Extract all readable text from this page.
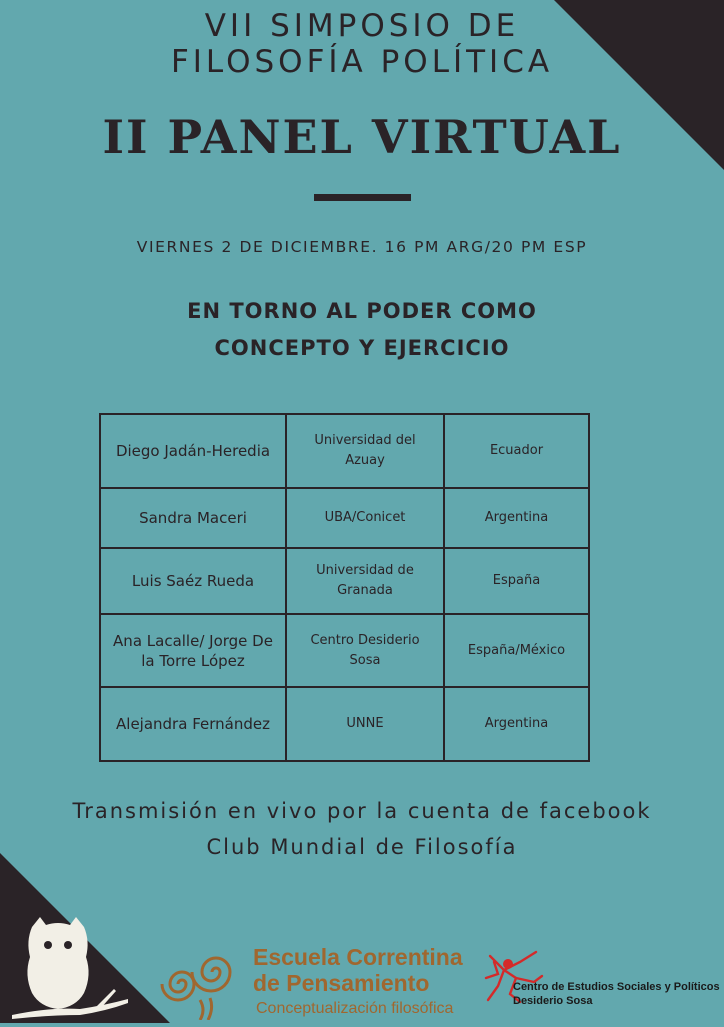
VII SIMPOSIO DE
FILOSOFÍA POLÍTICA
II PANEL VIRTUAL
VIERNES 2 DE DICIEMBRE. 16 PM ARG/20 PM ESP
EN TORNO AL PODER COMO
CONCEPTO Y EJERCICIO
Diego Jadán-Heredia	Universidad del Azuay	Ecuador
Sandra Maceri	UBA/Conicet	Argentina
Luis Saéz Rueda	Universidad de Granada	España
Ana Lacalle/ Jorge De la Torre López	Centro Desiderio Sosa	España/México
Alejandra Fernández	UNNE	Argentina
Transmisión en vivo por la cuenta de facebook
Club Mundial de Filosofía
Escuela Correntina
de Pensamiento
Conceptualización filosófica
Centro de Estudios Sociales y Políticos
Desiderio Sosa
